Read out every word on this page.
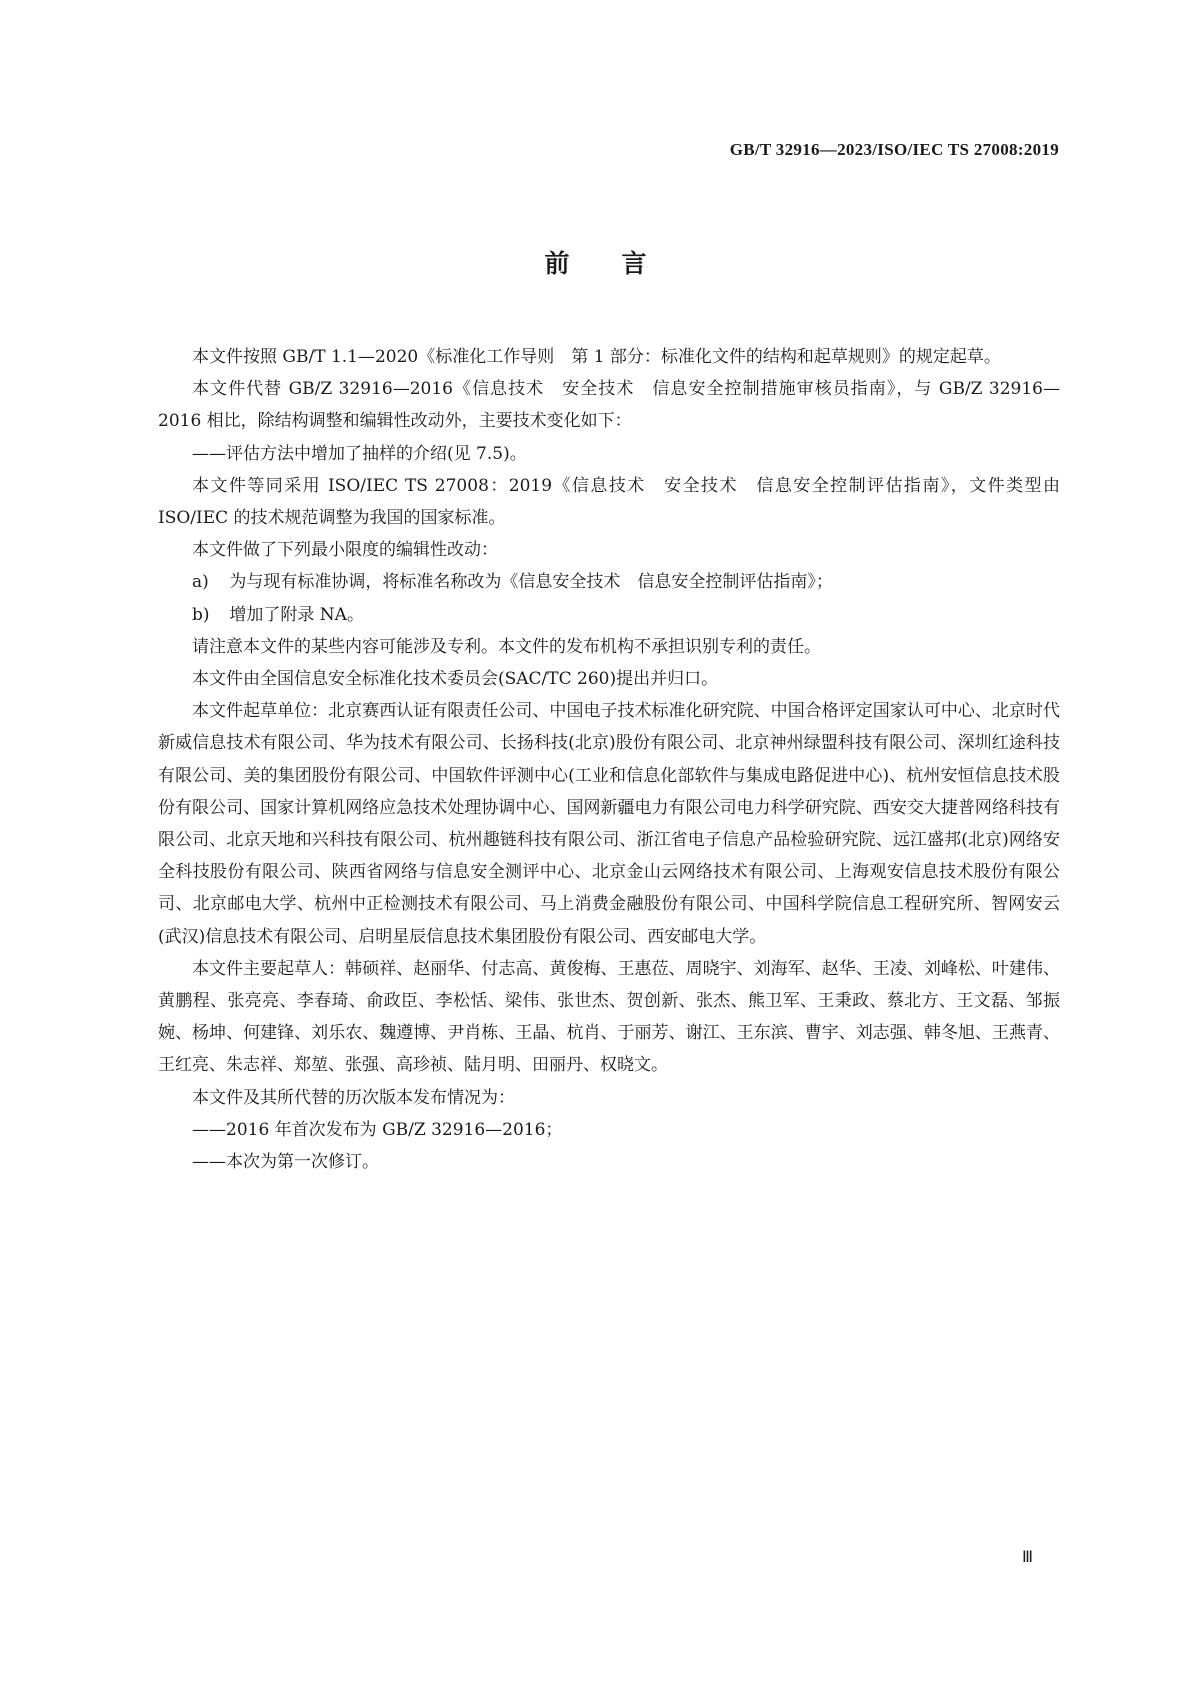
GB/T 32916—2023/ISO/IEC TS 27008:2019
前言

本文件按照 GB/T 1.1—2020《标准化工作导则　第 1 部分：标准化文件的结构和起草规则》的规定起草。

本文件代替 GB/Z 32916—2016《信息技术　安全技术　信息安全控制措施审核员指南》，与 GB/Z 32916—2016 相比，除结构调整和编辑性改动外，主要技术变化如下：

——评估方法中增加了抽样的介绍(见 7.5)。

本文件等同采用 ISO/IEC TS 27008：2019《信息技术　安全技术　信息安全控制评估指南》，文件类型由 ISO/IEC 的技术规范调整为我国的国家标准。

本文件做了下列最小限度的编辑性改动：

a) 为与现有标准协调，将标准名称改为《信息安全技术　信息安全控制评估指南》；

b) 增加了附录 NA。

请注意本文件的某些内容可能涉及专利。本文件的发布机构不承担识别专利的责任。

本文件由全国信息安全标准化技术委员会(SAC/TC 260)提出并归口。

本文件起草单位：北京赛西认证有限责任公司、中国电子技术标准化研究院、中国合格评定国家认可中心、北京时代新威信息技术有限公司、华为技术有限公司、长扬科技(北京)股份有限公司、北京神州绿盟科技有限公司、深圳红途科技有限公司、美的集团股份有限公司、中国软件评测中心(工业和信息化部软件与集成电路促进中心)、杭州安恒信息技术股份有限公司、国家计算机网络应急技术处理协调中心、国网新疆电力有限公司电力科学研究院、西安交大捷普网络科技有限公司、北京天地和兴科技有限公司、杭州趣链科技有限公司、浙江省电子信息产品检验研究院、远江盛邦(北京)网络安全科技股份有限公司、陕西省网络与信息安全测评中心、北京金山云网络技术有限公司、上海观安信息技术股份有限公司、北京邮电大学、杭州中正检测技术有限公司、马上消费金融股份有限公司、中国科学院信息工程研究所、智网安云(武汉)信息技术有限公司、启明星辰信息技术集团股份有限公司、西安邮电大学。

本文件主要起草人：韩硕祥、赵丽华、付志高、黄俊梅、王惠莅、周晓宇、刘海军、赵华、王凌、刘峰松、叶建伟、黄鹏程、张亮亮、李春琦、俞政臣、李松恬、梁伟、张世杰、贺创新、张杰、熊卫军、王秉政、蔡北方、王文磊、邹振婉、杨坤、何建锋、刘乐农、魏遵博、尹肖栋、王晶、杭肖、于丽芳、谢江、王东滨、曹宇、刘志强、韩冬旭、王燕青、王红亮、朱志祥、郑堃、张强、高珍祯、陆月明、田丽丹、权晓文。

本文件及其所代替的历次版本发布情况为：

——2016 年首次发布为 GB/Z 32916—2016；

——本次为第一次修订。

Ⅲ
